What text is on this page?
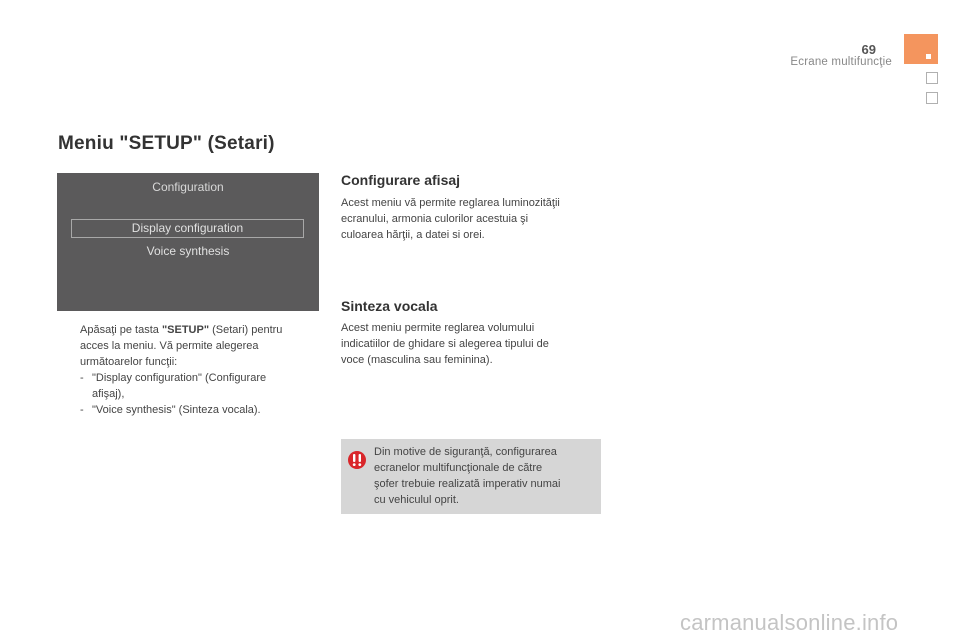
69
Ecrane multifuncţie
Meniu "SETUP" (Setari)
Configuration
Display configuration
Voice synthesis
Apăsaţi pe tasta "SETUP" (Setari) pentru
acces la meniu. Vă permite alegerea
următoarelor funcţii:
- "Display configuration" (Configurare
afişaj),
- "Voice synthesis" (Sinteza vocala).
Configurare afisaj
Acest meniu vă permite reglarea luminozităţii
ecranului, armonia culorilor acestuia şi
culoarea hărţii, a datei si orei.
Sinteza vocala
Acest meniu permite reglarea volumului
indicatiilor de ghidare si alegerea tipului de
voce (masculina sau feminina).
Din motive de siguranţă, configurarea
ecranelor multifuncţionale de către
şofer trebuie realizată imperativ numai
cu vehiculul oprit.
carmanualsonline.info
